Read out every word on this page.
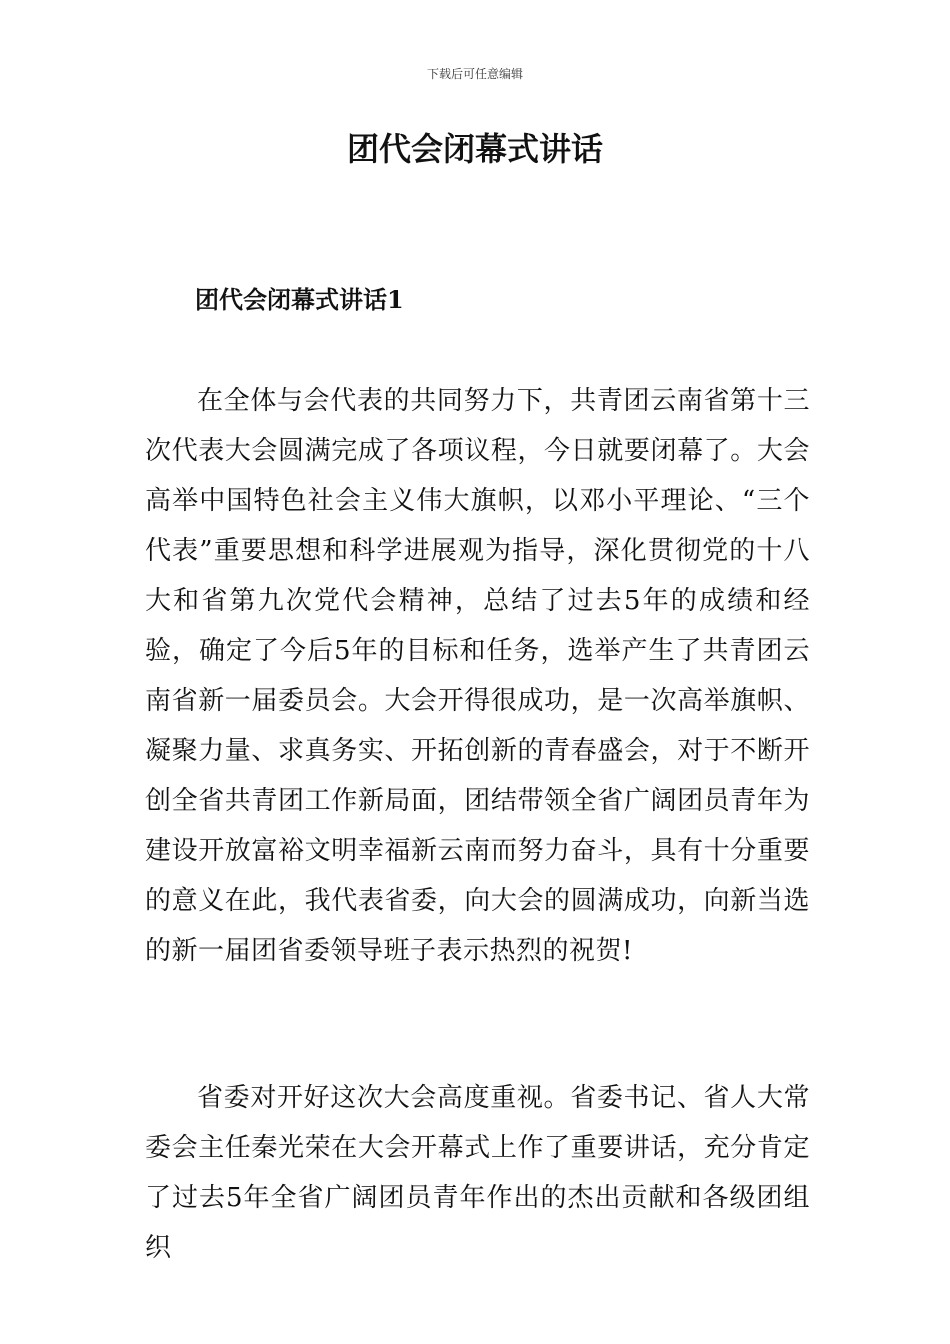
下载后可任意编辑
团代会闭幕式讲话
团代会闭幕式讲话1

在全体与会代表的共同努力下，共青团云南省第十三次代表大会圆满完成了各项议程，今日就要闭幕了。大会高举中国特色社会主义伟大旗帜，以邓小平理论、“三个代表”重要思想和科学进展观为指导，深化贯彻党的十八大和省第九次党代会精神，总结了过去5年的成绩和经验，确定了今后5年的目标和任务，选举产生了共青团云南省新一届委员会。大会开得很成功，是一次高举旗帜、凝聚力量、求真务实、开拓创新的青春盛会，对于不断开创全省共青团工作新局面，团结带领全省广阔团员青年为建设开放富裕文明幸福新云南而努力奋斗，具有十分重要的意义在此，我代表省委，向大会的圆满成功，向新当选的新一届团省委领导班子表示热烈的祝贺!

省委对开好这次大会高度重视。省委书记、省人大常委会主任秦光荣在大会开幕式上作了重要讲话，充分肯定了过去5年全省广阔团员青年作出的杰出贡献和各级团组织
